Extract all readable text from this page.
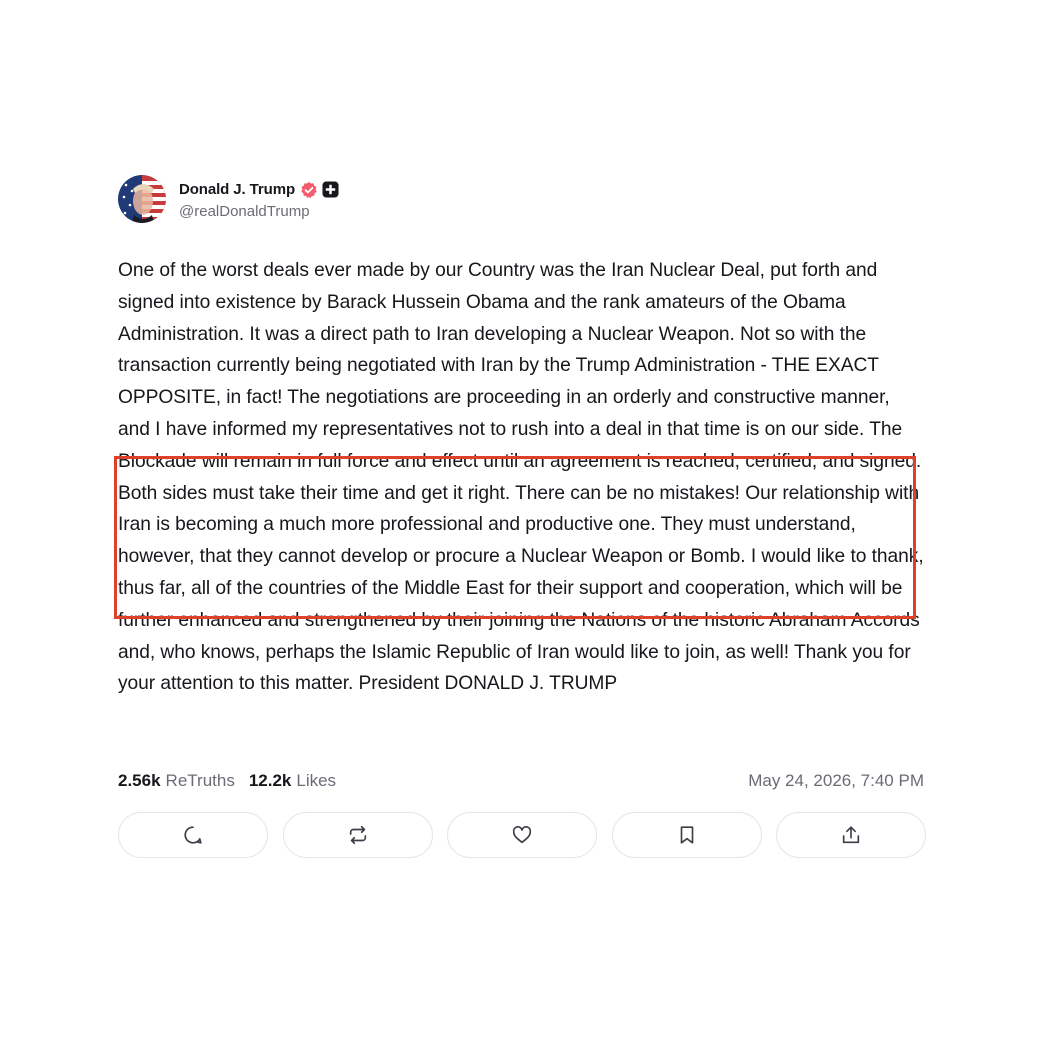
Donald J. Trump
@realDonaldTrump
One of the worst deals ever made by our Country was the Iran Nuclear Deal, put forth and signed into existence by Barack Hussein Obama and the rank amateurs of the Obama Administration. It was a direct path to Iran developing a Nuclear Weapon. Not so with the transaction currently being negotiated with Iran by the Trump Administration - THE EXACT OPPOSITE, in fact! The negotiations are proceeding in an orderly and constructive manner, and I have informed my representatives not to rush into a deal in that time is on our side. The Blockade will remain in full force and effect until an agreement is reached, certified, and signed. Both sides must take their time and get it right. There can be no mistakes! Our relationship with Iran is becoming a much more professional and productive one. They must understand, however, that they cannot develop or procure a Nuclear Weapon or Bomb. I would like to thank, thus far, all of the countries of the Middle East for their support and cooperation, which will be further enhanced and strengthened by their joining the Nations of the historic Abraham Accords and, who knows, perhaps the Islamic Republic of Iran would like to join, as well! Thank you for your attention to this matter. President DONALD J. TRUMP
2.56k ReTruths 12.2k Likes	May 24, 2026, 7:40 PM
